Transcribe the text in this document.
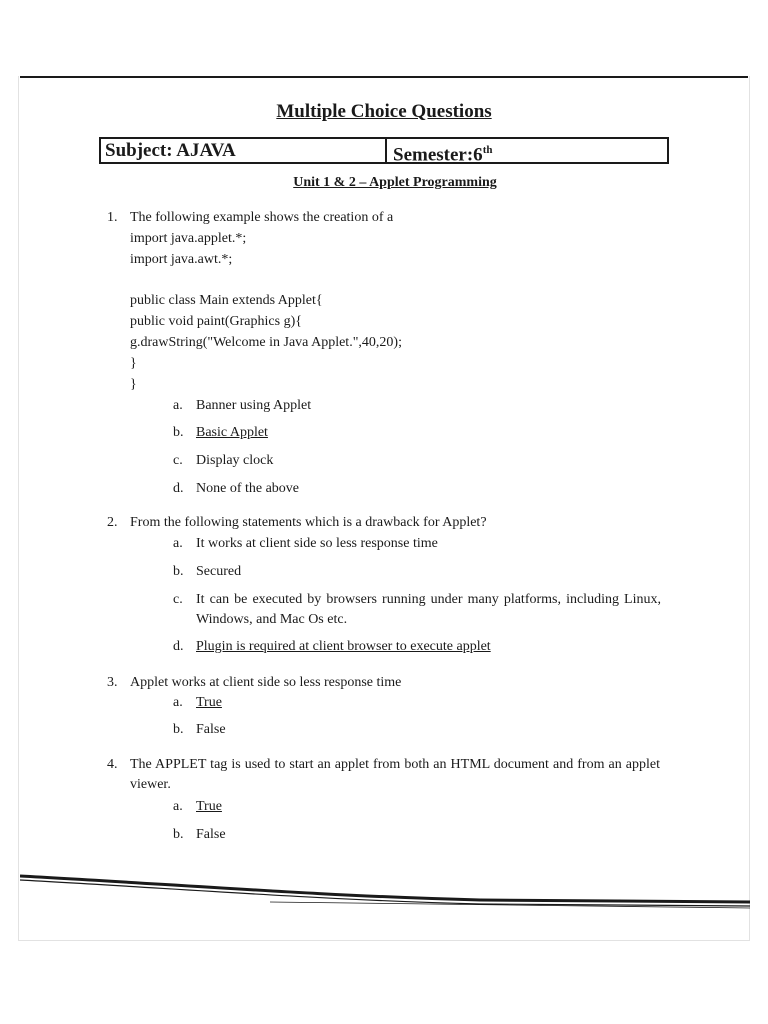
Multiple Choice Questions
Subject: AJAVA	Semester:6th
Unit 1 & 2 – Applet Programming
1. The following example shows the creation of a
import java.applet.*;
import java.awt.*;
public class Main extends Applet{
public void paint(Graphics g){
g.drawString("Welcome in Java Applet.",40,20);
}
}
a. Banner using Applet
b. Basic Applet
c. Display clock
d. None of the above
2. From the following statements which is a drawback for Applet?
a. It works at client side so less response time
b. Secured
c. It can be executed by browsers running under many platforms, including Linux, Windows, and Mac Os etc.
d. Plugin is required at client browser to execute applet
3. Applet works at client side so less response time
a. True
b. False
4. The APPLET tag is used to start an applet from both an HTML document and from an applet viewer.
a. True
b. False
